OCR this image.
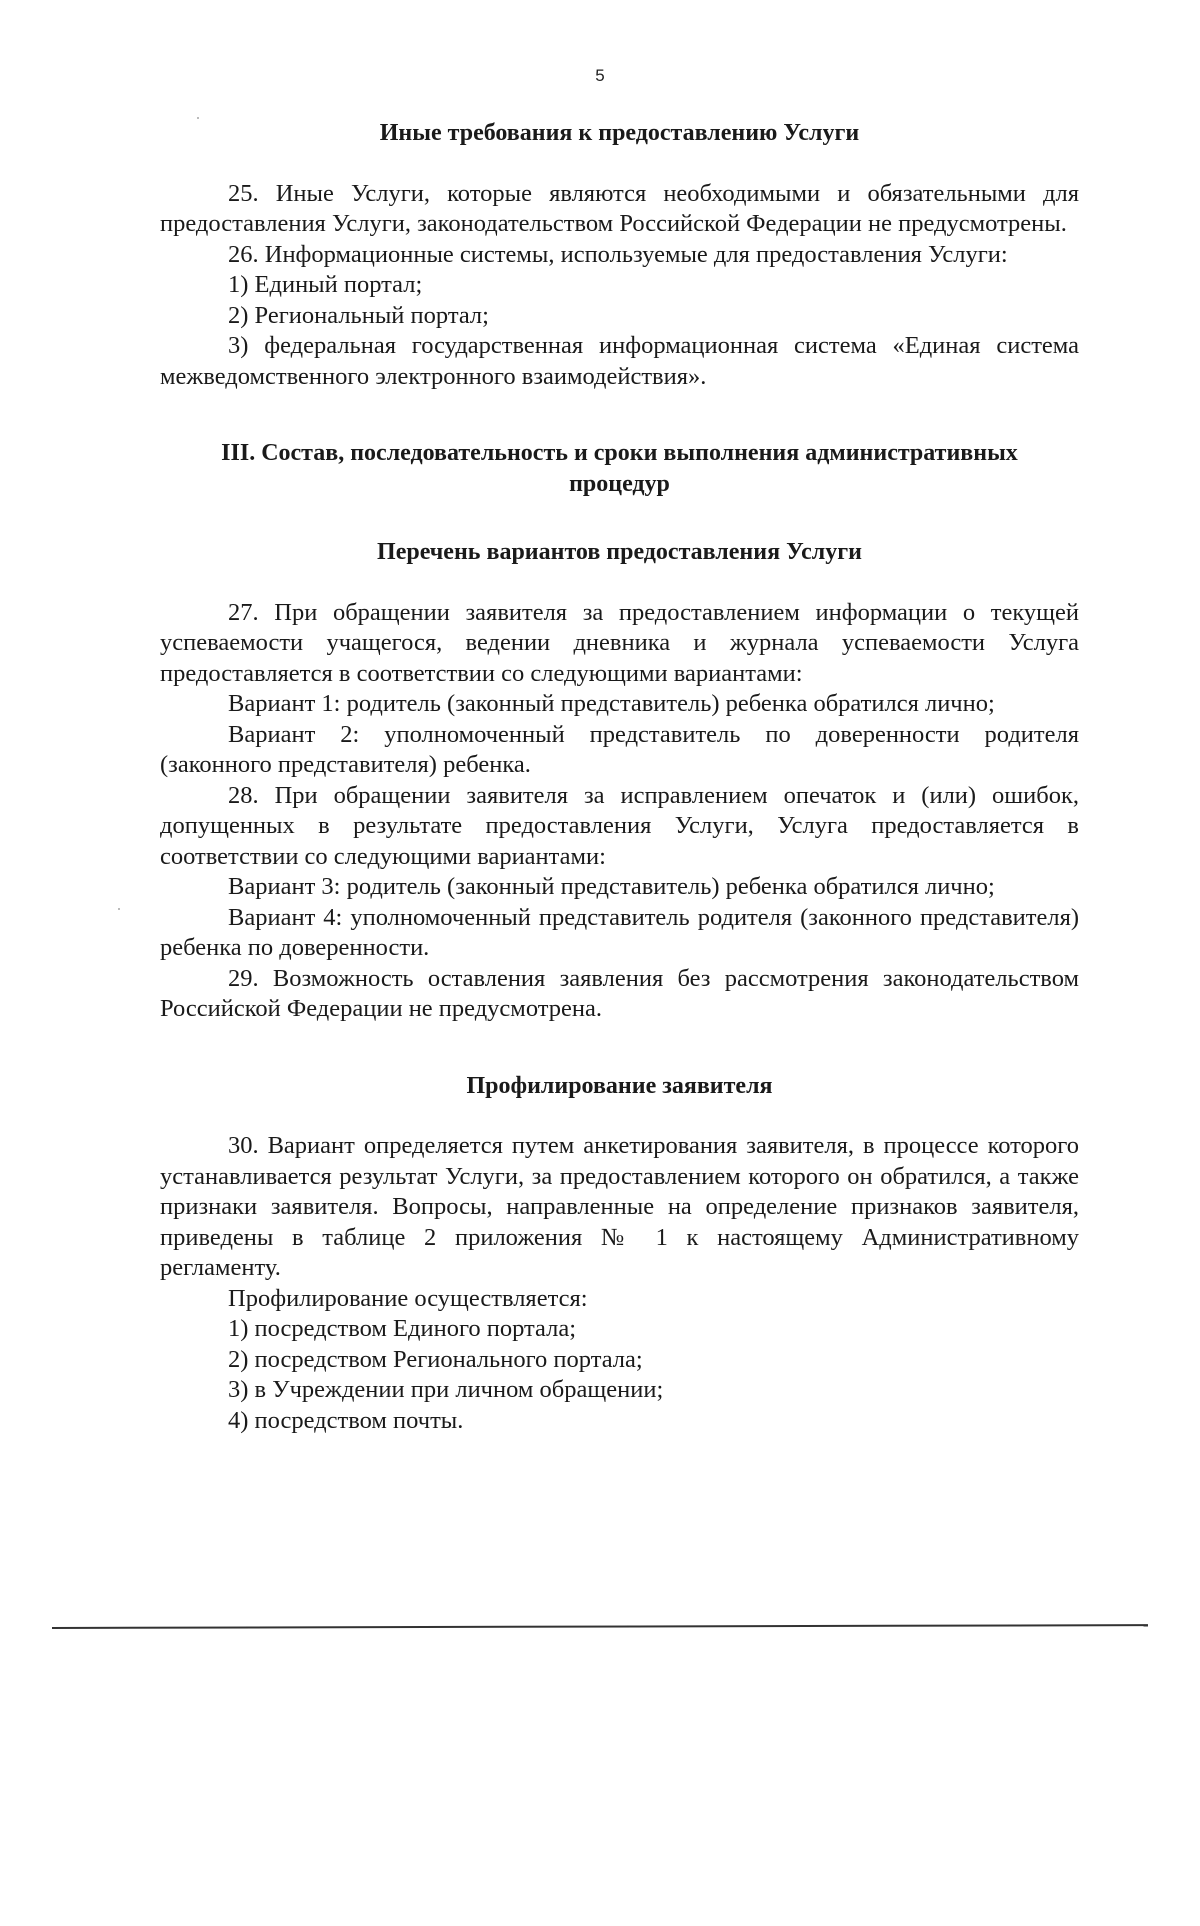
5
Иные требования к предоставлению Услуги
25. Иные Услуги, которые являются необходимыми и обязательными для предоставления Услуги, законодательством Российской Федерации не предусмотрены.
26. Информационные системы, используемые для предоставления Услуги:
1) Единый портал;
2) Региональный портал;
3) федеральная государственная информационная система «Единая система межведомственного электронного взаимодействия».
III. Состав, последовательность и сроки выполнения административных процедур
Перечень вариантов предоставления Услуги
27. При обращении заявителя за предоставлением информации о текущей успеваемости учащегося, ведении дневника и журнала успеваемости Услуга предоставляется в соответствии со следующими вариантами:
Вариант 1: родитель (законный представитель) ребенка обратился лично;
Вариант 2: уполномоченный представитель по доверенности родителя (законного представителя) ребенка.
28. При обращении заявителя за исправлением опечаток и (или) ошибок, допущенных в результате предоставления Услуги, Услуга предоставляется в соответствии со следующими вариантами:
Вариант 3: родитель (законный представитель) ребенка обратился лично;
Вариант 4: уполномоченный представитель родителя (законного представителя) ребенка по доверенности.
29. Возможность оставления заявления без рассмотрения законодательством Российской Федерации не предусмотрена.
Профилирование заявителя
30. Вариант определяется путем анкетирования заявителя, в процессе которого устанавливается результат Услуги, за предоставлением которого он обратился, а также признаки заявителя. Вопросы, направленные на определение признаков заявителя, приведены в таблице 2 приложения № 1 к настоящему Административному регламенту.
Профилирование осуществляется:
1) посредством Единого портала;
2) посредством Регионального портала;
3) в Учреждении при личном обращении;
4) посредством почты.
